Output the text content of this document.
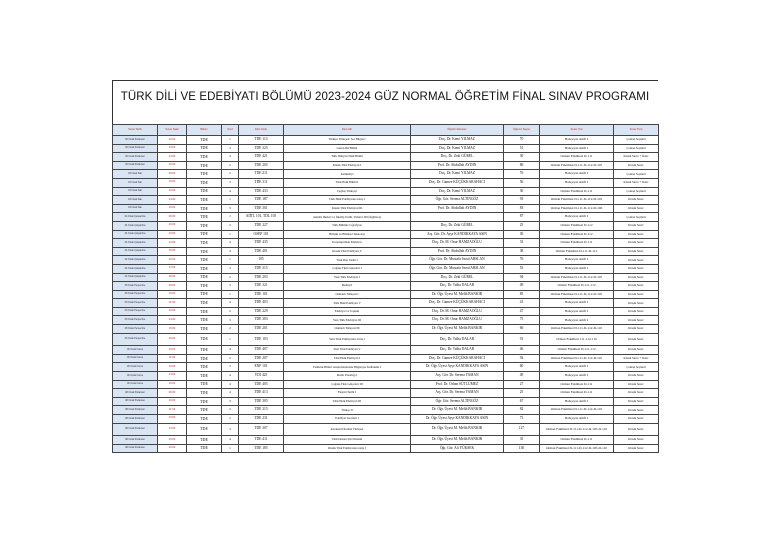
TÜRK DİLİ VE EDEBİYATI BÖLÜMÜ 2023-2024 GÜZ NORMAL ÖĞRETİM FİNAL SINAV PROGRAMI
Sınav Tarihi	Sınav Saati	Bölüm	Sınıf	Ders Kodu	Ders Adı	Öğretim Elemanı	Öğrenci Sayısı	Sınav Yeri	Sınav Türü
02 Ocak Pazartesi	10:00	TDE	1	TDE 113	Türkiye Türkçesi: Ses Bilgisi I	Doç. Dr. Kemi YILMAZ	70	Bahçeyaz Amfi I	Çoktan Seçmeli
02 Ocak Pazartesi	13:00	TDE	3	TDE 325	Gezen Dil Bilimi	Doç. Dr. Kemi YILMAZ	51	Bahçeyaz Amfi I	Çoktan Seçmeli
02 Ocak Pazartesi	14:00	TDE	4	TDE 421	Türk Dünyası Halk Bilimi	Doç. Dr. Zeki GÜREL	30	Orman Fakültesi D-111	Klasik Sınav + Ödev
02 Ocak Pazartesi	15:00	TDE	2	TDE 205	Klasik Türk Edebiyatı I	Prof. Dr. Abdullah AYDIN	86	Orman Fakültesi D-111-D-112-D-105	Klasik Sınav
03 Ocak Salı	09:00	TDE	2	TDE 211	Kelimeliyi	Doç. Dr. Kemi YILMAZ	76	Bahçeyaz Amfi I	Çoktan Seçmeli
03 Ocak Salı	10:00	TDE	3	TDE 311	Türk Halk Bilimi I	Doç. Dr. Gamze KÜÇÜKKARAHACI	56	Bahçeyaz Amfi I	Klasik Sınav + Ödev
03 Ocak Salı	13:00	TDE	4	TDE 433	Çağdaş Türkçeçi	Doç. Dr. Kemi YILMAZ	30	Orman Fakültesi D-111	Çoktan Seçmeli
03 Ocak Salı	14:00	TDE	1	TDE 187	Türk Halk Edebiyatına Giriş I	Öğr. Gör. Serena ALTINGÖZ	93	Orman Fakültesi D-111-D-112-D-105	Klasik Sınav
03 Ocak Salı	15:00	TDE	3	TDE 301	Klasik Türk Edebiyatı III	Prof. Dr. Abdullah AYDIN	83	Orman Fakültesi D-111-D-112-D-106	Klasik Sınav
04 Ocak Çarşamba	09:00	TDE	1	AİİTL 101, TDL 105	Atatürk İlkeleri ve İnkılâp Tarihi, Yabancı Dil (İngilizce)		87	Bahçeyaz Amfi I	Çoktan Seçmeli
04 Ocak Çarşamba	10:00	TDE	2	TDE 227	Türk Bilimin Coğrafyası	Doç. Dr. Zeki GÜREL	25	Orman Fakültesi D-112	Klasik Sınav
04 Ocak Çarşamba	13:00	TDE	1	OSEP 101	Bilişim ve Bilimsel Teknoloji	Arş. Gör. Dr. Ayşe KANDIKKAYA ASIN	30	Orman Fakültesi D-112	Klasik Sınav
04 Ocak Çarşamba	14:00	TDE	4	TDE 435	Karşılaştırmalı Edebiyat	Doç. Dr. M. Onur HAMZAOĞLU	33	Orman Fakültesi D-111	Klasik Sınav
04 Ocak Çarşamba	15:00	TDE	4	TDE 401	Klasik Türk Edebiyatı V	Prof. Dr. Abdullah AYDIN	38	Orman Fakültesi D-111-D-112	Klasik Sınav
04 Ocak Çarşamba	16:00	TDE	1	105	Türk Dışı Tarihi I	Öğr. Gör. Dr. Mustafa Sezal ARSLAN	76	Bahçeyaz Amfi I	Klasik Sınav
04 Ocak Çarşamba	17:00	TDE	3	TDE 315	Çağdaş Türk Lehçeleri I	Öğr. Gör. Dr. Mustafa Sezal ARSLAN	55	Bahçeyaz Amfi I	Klasik Sınav
04 Ocak Çarşamba	18:00	TDE	2	TDE 203	Yeni Türk Edebiyatı I	Doç. Dr. Zeki GÜREL	94	Orman Fakültesi D-111-D-112-D-105	Klasik Sınav
05 Ocak Perşembe	09:00	TDE	3	TDE 321	Metinji I	Doç. Dr. Talha DALAR	49	Orman Fakültesi D-111-112	Klasik Sınav
05 Ocak Perşembe	10:00	TDE	1	TDE 101	Osmanlı Türkçesi I	Dr. Öğr. Üyesi M. Melih BANKIR	85	Orman Fakültesi D-111-D-112-D-105	Klasik Sınav
05 Ocak Perşembe	11:00	TDE	4	TDE 403	Türk Halk Edebiyatı V	Doç. Dr. Gamze KÜÇÜKKARAHACI	41	Bahçeyaz Amfi I	Klasik Sınav
05 Ocak Perşembe	13:00	TDE	2	TDE 229	Edebiyat ve Toplum	Doç. Dr. M. Onur HAMZAOĞLU	47	Bahçeyaz Amfi I	Klasik Sınav
05 Ocak Perşembe	14:00	TDE	3	TDE 303	Yeni Türk Edebiyatı III	Doç. Dr. M. Onur HAMZAOĞLU	75	Bahçeyaz Amfi I	Klasik Sınav
05 Ocak Perşembe	15:00	TDE	2	TDE 201	Osmanlı Türkçesi III	Dr. Öğr. Üyesi M. Melih BANKIR	66	Orman Fakültesi D-111-D-112-D-110	Klasik Sınav
05 Ocak Perşembe	16:00	TDE	1	TDE 103	Yeni Türk Edebiyatına Giriş I	Doç. Dr. Talha DALAR	91	Orman Fakültesi 111-112-110	Klasik Sınav
06 Ocak Cuma	10:00	TDE	4	TDE 407	Yeni Türk Edebiyatı V	Doç. Dr. Talha DALAR	46	Orman Fakültesi D-111-112	Klasik Sınav
06 Ocak Cuma	11:00	TDE	2	TDE 207	Türk Halk Edebiyatı I	Doç. Dr. Gamze KÜÇÜKKARAHACI	92	Orman Fakültesi D-111-D-112-D-110	Klasik Sınav + Ödev
06 Ocak Cuma	13:00	TDE	3	ENF 101	Farklılık Bilinci Araştırmalarında Bilgisayar Kullanımı I	Dr. Öğr. Üyesi Ayşe KANDIKKAYA ASIN	60	Bahçeyaz Amfi I	Çoktan Seçmeli
06 Ocak Cuma	14:00	TDE	4	YDI 425	Metin Yazarlığı I	Arş. Gör. Dr. Serena YAMAN	49	Bahçeyaz Amfi I	Klasik Sınav
06 Ocak Cuma	15:00	TDE	4	TDE 405	Çağdaş Türk Lehçeleri III	Prof. Dr. Orhan SÜTLÜMEZ	27	Orman Fakültesi D-111	Klasik Sınav
08 Ocak Pazartesi	09:00	TDE	4	TDE 413	Eleştiri Tarihi I	Arş. Gör. Dr. Serena YAMAN	25	Orman Fakültesi D-111	Klasik Sınav
08 Ocak Pazartesi	10:00	TDE	3	TDE 305	Türk Halk Edebiyatı III	Öğr. Gör. Serena ALTINGÖZ	67	Bahçeyaz Amfi I	Klasik Sınav
08 Ocak Pazartesi	11:00	TDE	2	TDE 215	Türkçe II	Dr. Öğr. Üyesi M. Melih BANKIR	82	Orman Fakültesi D-111-D-112-D-110	Klasik Sınav
08 Ocak Pazartesi	13:00	TDE	2	TDE 231	Edebiyat Teorileri I	Dr. Öğr. Üyesi Ayşe KANDIKKAYA ASIN	73	Bahçeyaz Amfi I	Klasik Sınav
08 Ocak Pazartesi	14:00	TDE	3	TDE 307	Karakterli Roman Türkçesi	Dr. Öğr. Üyesi M. Melih BANKIR	127	Orman Fakültesi D-111-D-112-D-105-D-110	Klasik Sınav
08 Ocak Pazartesi	15:00	TDE	4	TDE 411	Türk Destan Şiir Dönemi	Dr. Öğr. Üyesi M. Melih BANKIR	35	Orman Fakültesi D-111	Klasik Sınav
08 Ocak Pazartesi	16:00	TDE	1	TDE 185	Klasik Türk Edebiyatına Giriş I	Öğr. Gör. Ali YÜKSEK	130	Orman Fakültesi D-111-D-112-D-105-D-110	Klasik Sınav
